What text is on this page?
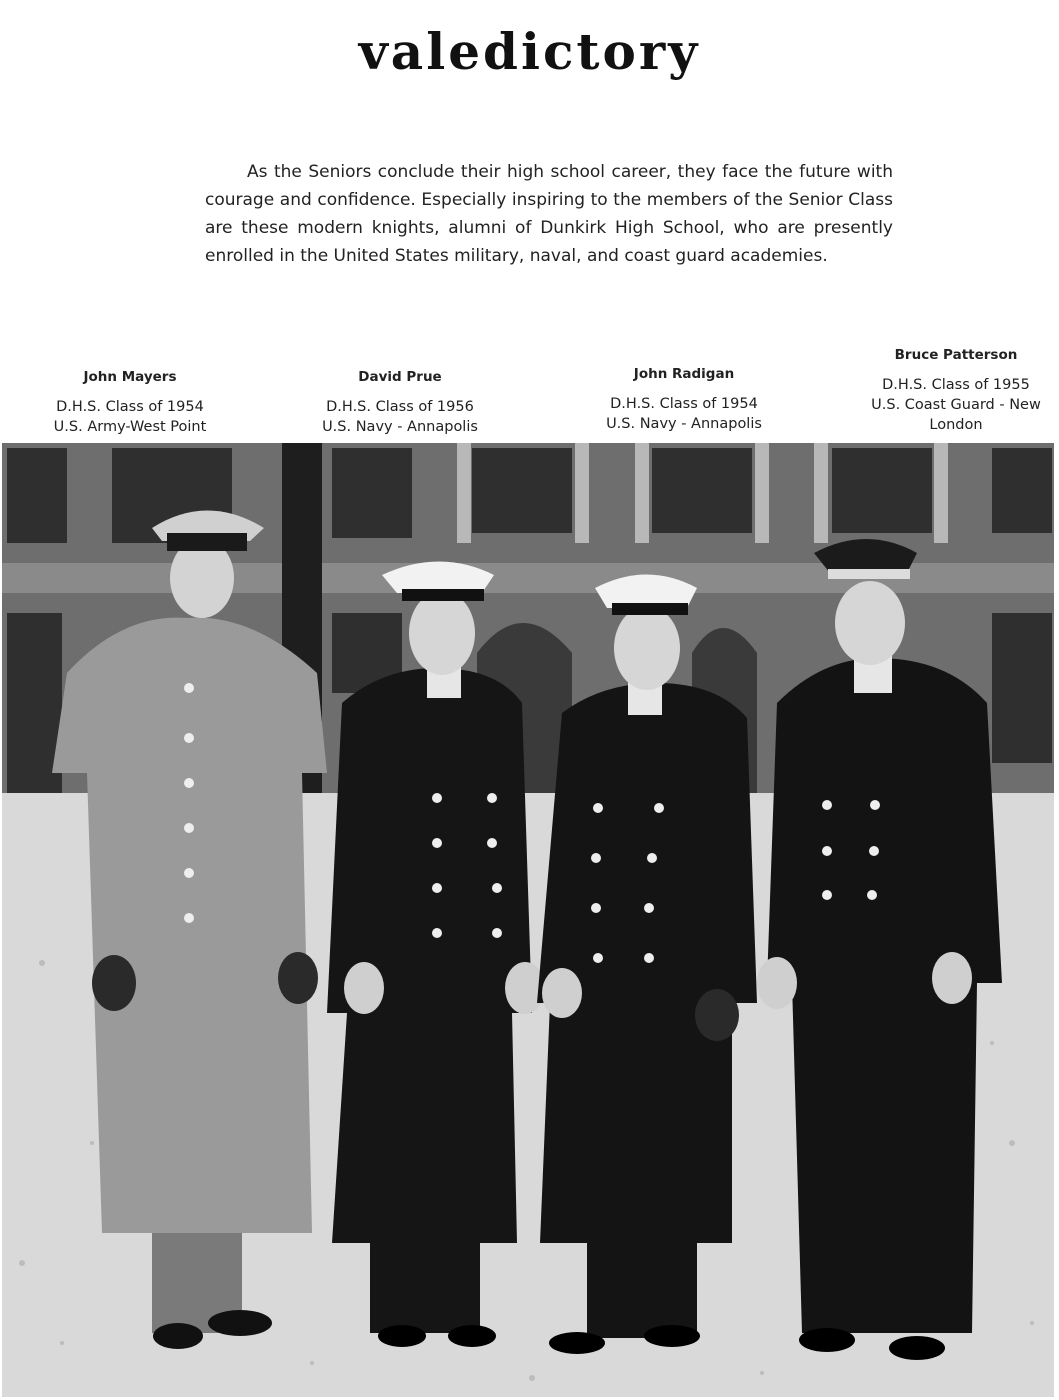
valedictory

As the Seniors conclude their high school career, they face the future with courage and confidence. Especially inspiring to the members of the Senior Class are these modern knights, alumni of Dunkirk High School, who are presently enrolled in the United States military, naval, and coast guard academies.

John Mayers
D.H.S. Class of 1954
U.S. Army-West Point
David Prue
D.H.S. Class of 1956
U.S. Navy - Annapolis
John Radigan
D.H.S. Class of 1954
U.S. Navy - Annapolis
Bruce Patterson
D.H.S. Class of 1955
U.S. Coast Guard - New London
